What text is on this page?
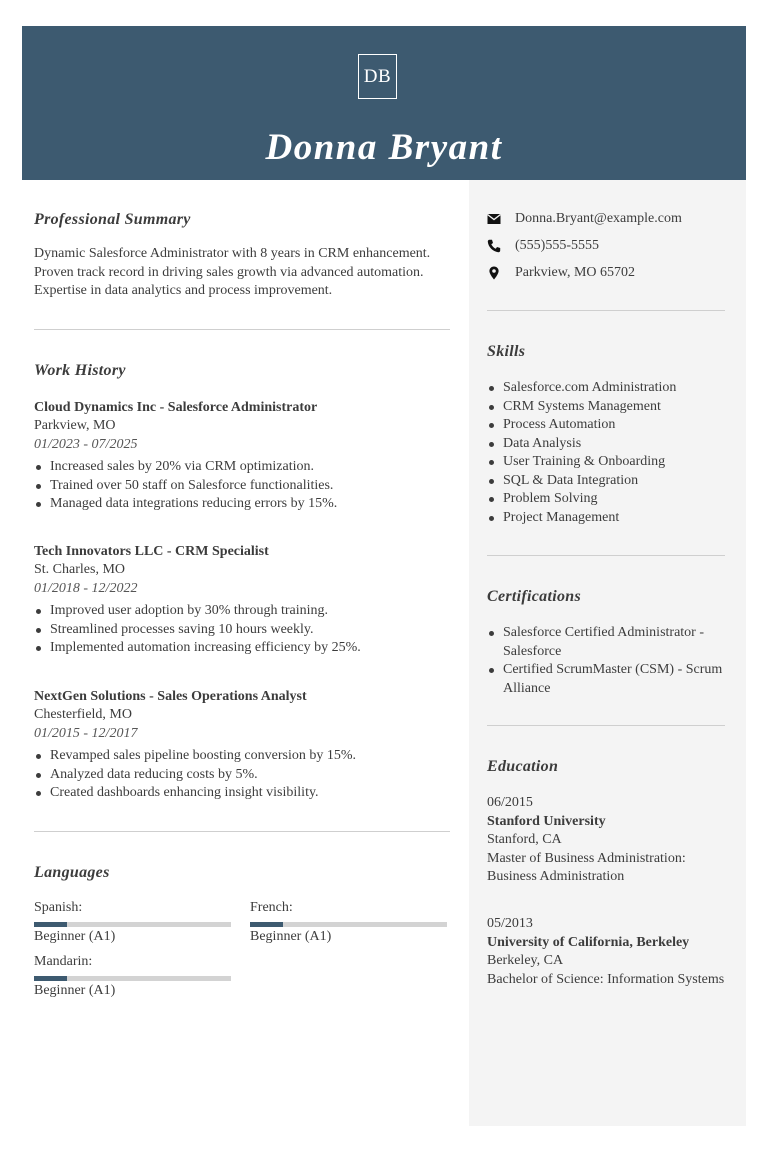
DB
Donna Bryant
Donna.Bryant@example.com
(555)555-5555
Parkview, MO 65702
Skills
Salesforce.com Administration
CRM Systems Management
Process Automation
Data Analysis
User Training & Onboarding
SQL & Data Integration
Problem Solving
Project Management
Certifications
Salesforce Certified Administrator -
Salesforce
Certified ScrumMaster (CSM) - Scrum
Alliance
Education
06/2015
Stanford University
Stanford, CA
Master of Business Administration:
Business Administration
05/2013
University of California, Berkeley
Berkeley, CA
Bachelor of Science: Information Systems
Professional Summary
Dynamic Salesforce Administrator with 8 years in CRM enhancement.
Proven track record in driving sales growth via advanced automation.
Expertise in data analytics and process improvement.
Work History
Cloud Dynamics Inc - Salesforce Administrator
Parkview, MO
01/2023 - 07/2025
Increased sales by 20% via CRM optimization.
Trained over 50 staff on Salesforce functionalities.
Managed data integrations reducing errors by 15%.
Tech Innovators LLC - CRM Specialist
St. Charles, MO
01/2018 - 12/2022
Improved user adoption by 30% through training.
Streamlined processes saving 10 hours weekly.
Implemented automation increasing efficiency by 25%.
NextGen Solutions - Sales Operations Analyst
Chesterfield, MO
01/2015 - 12/2017
Revamped sales pipeline boosting conversion by 15%.
Analyzed data reducing costs by 5%.
Created dashboards enhancing insight visibility.
Languages
Spanish:
Beginner (A1)
French:
Beginner (A1)
Mandarin:
Beginner (A1)
